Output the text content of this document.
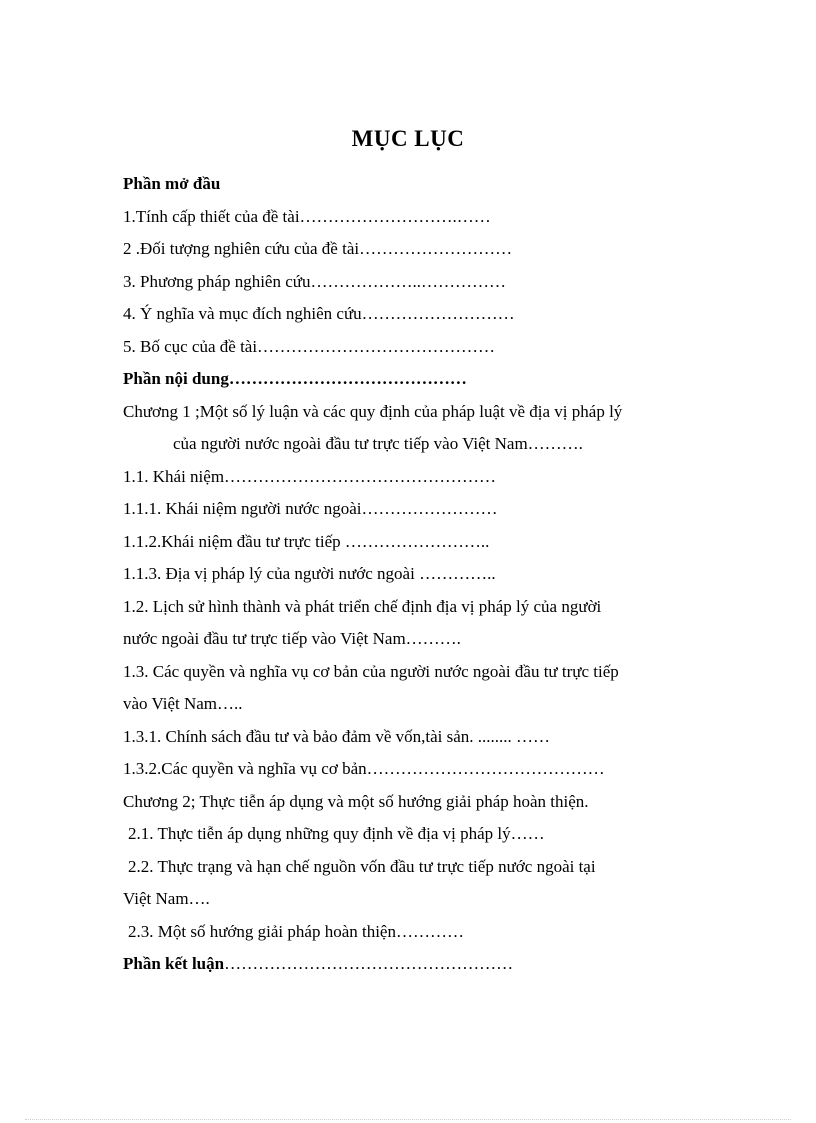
MỤC LỤC
Phần mở đầu
1.Tính cấp thiết của đề tài……………………….……
2 .Đối tượng nghiên cứu của đề tài………………………
3. Phương pháp nghiên cứu………………..……………
4. Ý nghĩa và mục đích nghiên cứu………………………
5. Bố cục của đề tài……………………………………
Phần nội dung……………………………………
Chương 1 ;Một số lý luận và các quy định của pháp luật về địa vị pháp lý
của người nước ngoài đầu tư trực tiếp vào Việt Nam……….
1.1. Khái niệm…………………………………………
1.1.1. Khái niệm người nước ngoài……………………
1.1.2.Khái niệm đầu tư trực tiếp ……………………..
1.1.3. Địa vị pháp lý của người nước ngoài …………..
1.2. Lịch sử hình thành và phát triển chế định địa vị pháp lý của người
nước ngoài đầu tư trực tiếp vào Việt Nam……….
1.3. Các quyền và nghĩa vụ cơ bản của người nước ngoài đầu tư trực tiếp
vào Việt Nam…..
1.3.1. Chính sách đầu tư và bảo đảm về vốn,tài sản. ........ ……
1.3.2.Các quyền và nghĩa vụ cơ bản……………………………………
Chương 2; Thực tiễn áp dụng và một số hướng giải pháp hoàn thiện.
2.1. Thực tiễn áp dụng những quy định về địa vị pháp lý……
2.2. Thực trạng và hạn chế nguồn vốn đầu tư trực tiếp nước ngoài tại
Việt Nam….
2.3. Một số hướng giải pháp hoàn thiện…………
Phần kết luận……………………………………………
